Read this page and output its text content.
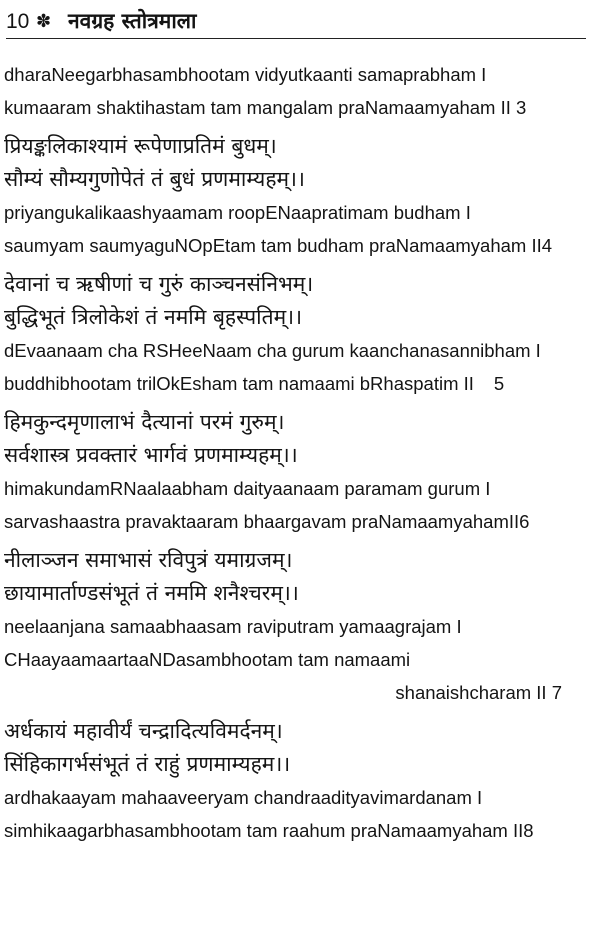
10 ✽ नवग्रह स्तोत्रमाला
dharaNeegarbhasambhootam vidyutkaanti samaprabham I
kumaaram shaktihastam tam mangalam praNamaamyaham II 3
प्रियङ्कलिकाश्यामं रूपेणाप्रतिमं बुधम्।
सौम्यं सौम्यगुणोपेतं तं बुधं प्रणमाम्यहम्।।
priyangukalikaashyaamam roopENaapratimam budham I
saumyam saumyaguNOpEtam tam budham praNamaamyaham II4
देवानां च ऋषीणां च गुरुं काञ्चनसंनिभम्।
बुद्धिभूतं त्रिलोकेशं तं नममि बृहस्पतिम्।।
dEvaanaam cha RSHeeNaam cha gurum kaanchanasannibham I
buddhibhootam trilOkEsham tam namaami bRhaspatim II 5
हिमकुन्दमृणालाभं दैत्यानां परमं गुरुम्।
सर्वशास्त्र प्रवक्तारं भार्गवं प्रणमाम्यहम्।।
himakundamRNaalaabham daityaanaam paramam gurum I
sarvashaastra pravaktaaram bhaargavam praNamaamyahamII6
नीलाञ्जन समाभासं रविपुत्रं यमाग्रजम्।
छायामार्ताण्डसंभूतं तं नममि शनैश्चरम्।।
neelaanjana samaabhaasam raviputram yamaagrajam I
CHaayaamaartaaNDasambhootam tam namaami
shanaishcharam II 7
अर्धकायं महावीर्यं चन्द्रादित्यविमर्दनम्।
सिंहिकागर्भसंभूतं तं राहुं प्रणमाम्यहम।।
ardhakaayam mahaaveeryam chandraadityavimardanam I
simhikaagarbhasambhootam tam raahum praNamaamyaham II8
